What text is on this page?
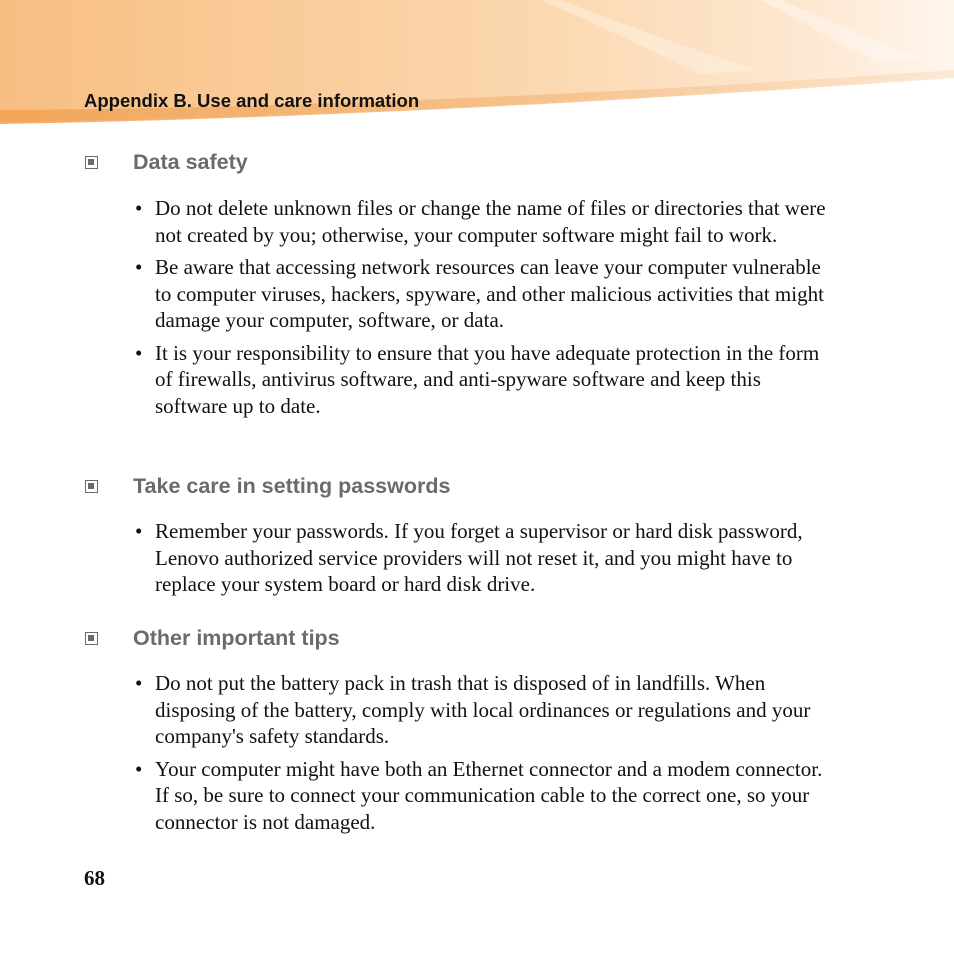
Appendix B. Use and care information
Data safety
• Do not delete unknown files or change the name of files or directories that were not created by you; otherwise, your computer software might fail to work.
• Be aware that accessing network resources can leave your computer vulnerable to computer viruses, hackers, spyware, and other malicious activities that might damage your computer, software, or data.
• It is your responsibility to ensure that you have adequate protection in the form of firewalls, antivirus software, and anti-spyware software and keep this software up to date.
Take care in setting passwords
• Remember your passwords. If you forget a supervisor or hard disk password, Lenovo authorized service providers will not reset it, and you might have to replace your system board or hard disk drive.
Other important tips
• Do not put the battery pack in trash that is disposed of in landfills. When disposing of the battery, comply with local ordinances or regulations and your company's safety standards.
• Your computer might have both an Ethernet connector and a modem connector. If so, be sure to connect your communication cable to the correct one, so your connector is not damaged.
68
